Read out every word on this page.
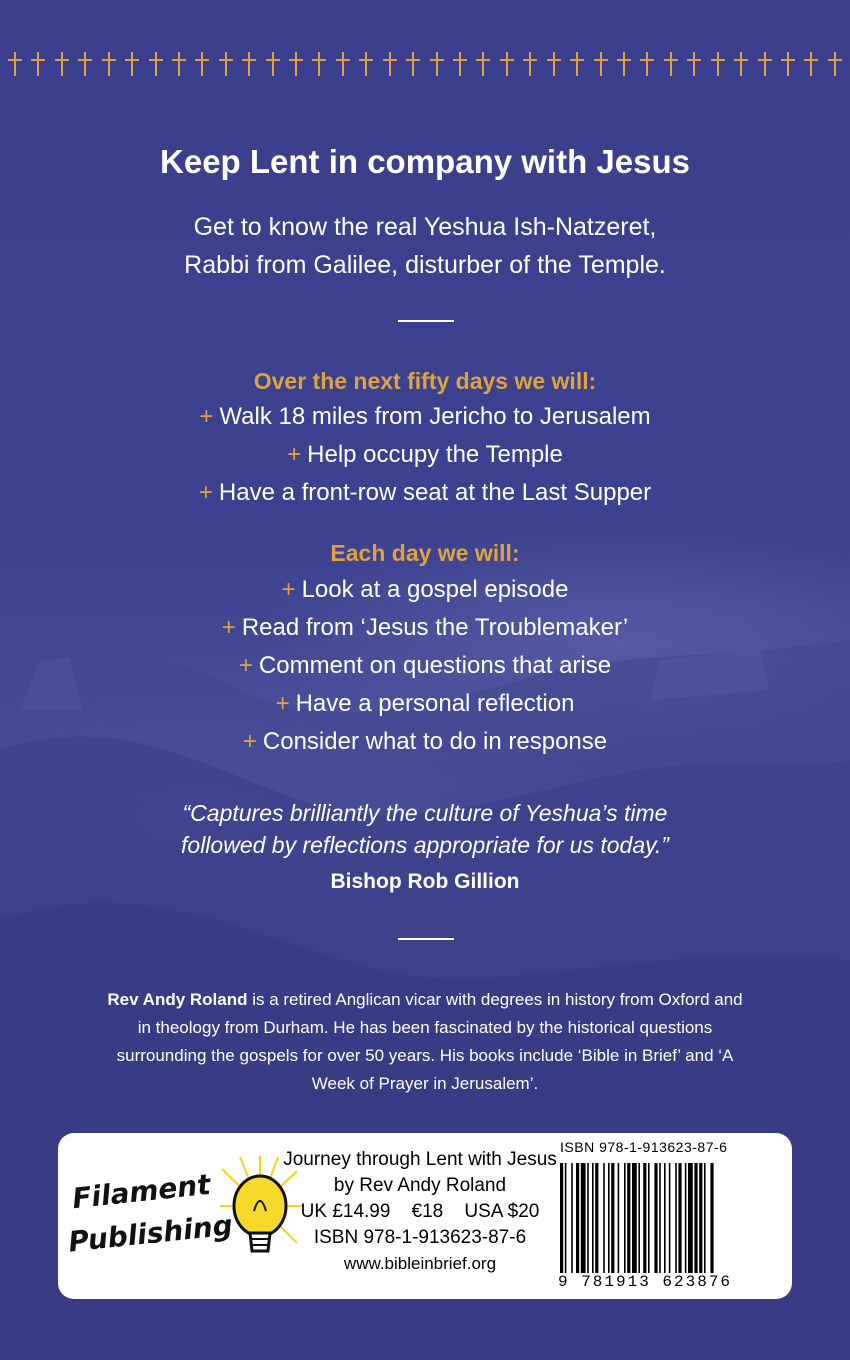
Keep Lent in company with Jesus
Get to know the real Yeshua Ish-Natzeret,
Rabbi from Galilee, disturber of the Temple.
Over the next fifty days we will:
+ Walk 18 miles from Jericho to Jerusalem
+ Help occupy the Temple
+ Have a front-row seat at the Last Supper
Each day we will:
+ Look at a gospel episode
+ Read from ‘Jesus the Troublemaker’
+ Comment on questions that arise
+ Have a personal reflection
+ Consider what to do in response
“Captures brilliantly the culture of Yeshua’s time
followed by reflections appropriate for us today.”
Bishop Rob Gillion
Rev Andy Roland is a retired Anglican vicar with degrees in history from Oxford and in theology from Durham. He has been fascinated by the historical questions surrounding the gospels for over 50 years. His books include ‘Bible in Brief’ and ‘A Week of Prayer in Jerusalem’.
Filament
Publishing
Journey through Lent with Jesus
by Rev Andy Roland
UK £14.99    €18    USA $20
ISBN 978-1-913623-87-6
www.bibleinbrief.org
ISBN 978-1-913623-87-6
9 781913 623876
